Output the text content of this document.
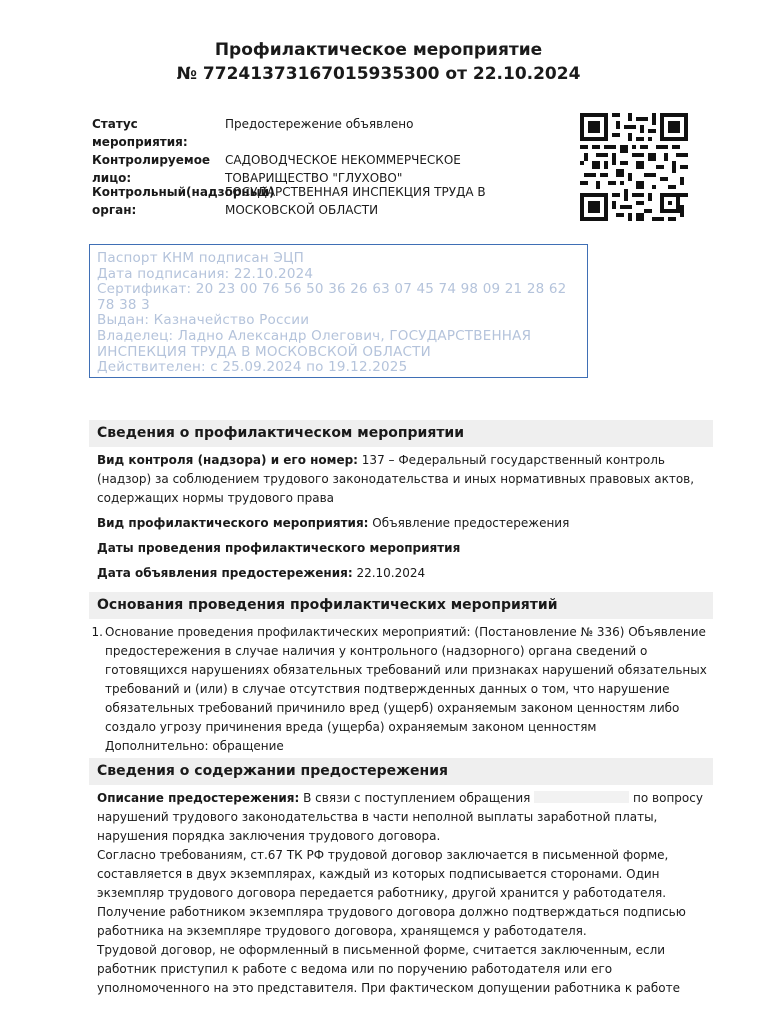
Профилактическое мероприятие
№ 77241373167015935300 от 22.10.2024
Статус мероприятия:
Предостережение объявлено
Контролируемое лицо:
САДОВОДЧЕСКОЕ НЕКОММЕРЧЕСКОЕ ТОВАРИЩЕСТВО "ГЛУХОВО"
Контрольный(надзорный) орган:
ГОСУДАРСТВЕННАЯ ИНСПЕКЦИЯ ТРУДА В МОСКОВСКОЙ ОБЛАСТИ
Паспорт КНМ подписан ЭЦП
Дата подписания: 22.10.2024
Сертификат: 20 23 00 76 56 50 36 26 63 07 45 74 98 09 21 28 62 78 38 3
Выдан: Казначейство России
Владелец: Ладно Александр Олегович, ГОСУДАРСТВЕННАЯ ИНСПЕКЦИЯ ТРУДА В МОСКОВСКОЙ ОБЛАСТИ
Действителен: с 25.09.2024 по 19.12.2025
Сведения о профилактическом мероприятии
Вид контроля (надзора) и его номер: 137 – Федеральный государственный контроль (надзор) за соблюдением трудового законодательства и иных нормативных правовых актов, содержащих нормы трудового права
Вид профилактического мероприятия: Объявление предостережения
Даты проведения профилактического мероприятия
Дата объявления предостережения: 22.10.2024
Основания проведения профилактических мероприятий
1. Основание проведения профилактических мероприятий: (Постановление № 336) Объявление предостережения в случае наличия у контрольного (надзорного) органа сведений о готовящихся нарушениях обязательных требований или признаках нарушений обязательных требований и (или) в случае отсутствия подтвержденных данных о том, что нарушение обязательных требований причинило вред (ущерб) охраняемым законом ценностям либо создало угрозу причинения вреда (ущерба) охраняемым законом ценностям
Дополнительно: обращение
Сведения о содержании предостережения
Описание предостережения: В связи с поступлением обращения	по вопросу нарушений трудового законодательства в части неполной выплаты заработной платы, нарушения порядка заключения трудового договора.
Согласно требованиям, ст.67 ТК РФ трудовой договор заключается в письменной форме, составляется в двух экземплярах, каждый из которых подписывается сторонами. Один экземпляр трудового договора передается работнику, другой хранится у работодателя. Получение работником экземпляра трудового договора должно подтверждаться подписью работника на экземпляре трудового договора, хранящемся у работодателя.
Трудовой договор, не оформленный в письменной форме, считается заключенным, если работник приступил к работе с ведома или по поручению работодателя или его уполномоченного на это представителя. При фактическом допущении работника к работе
